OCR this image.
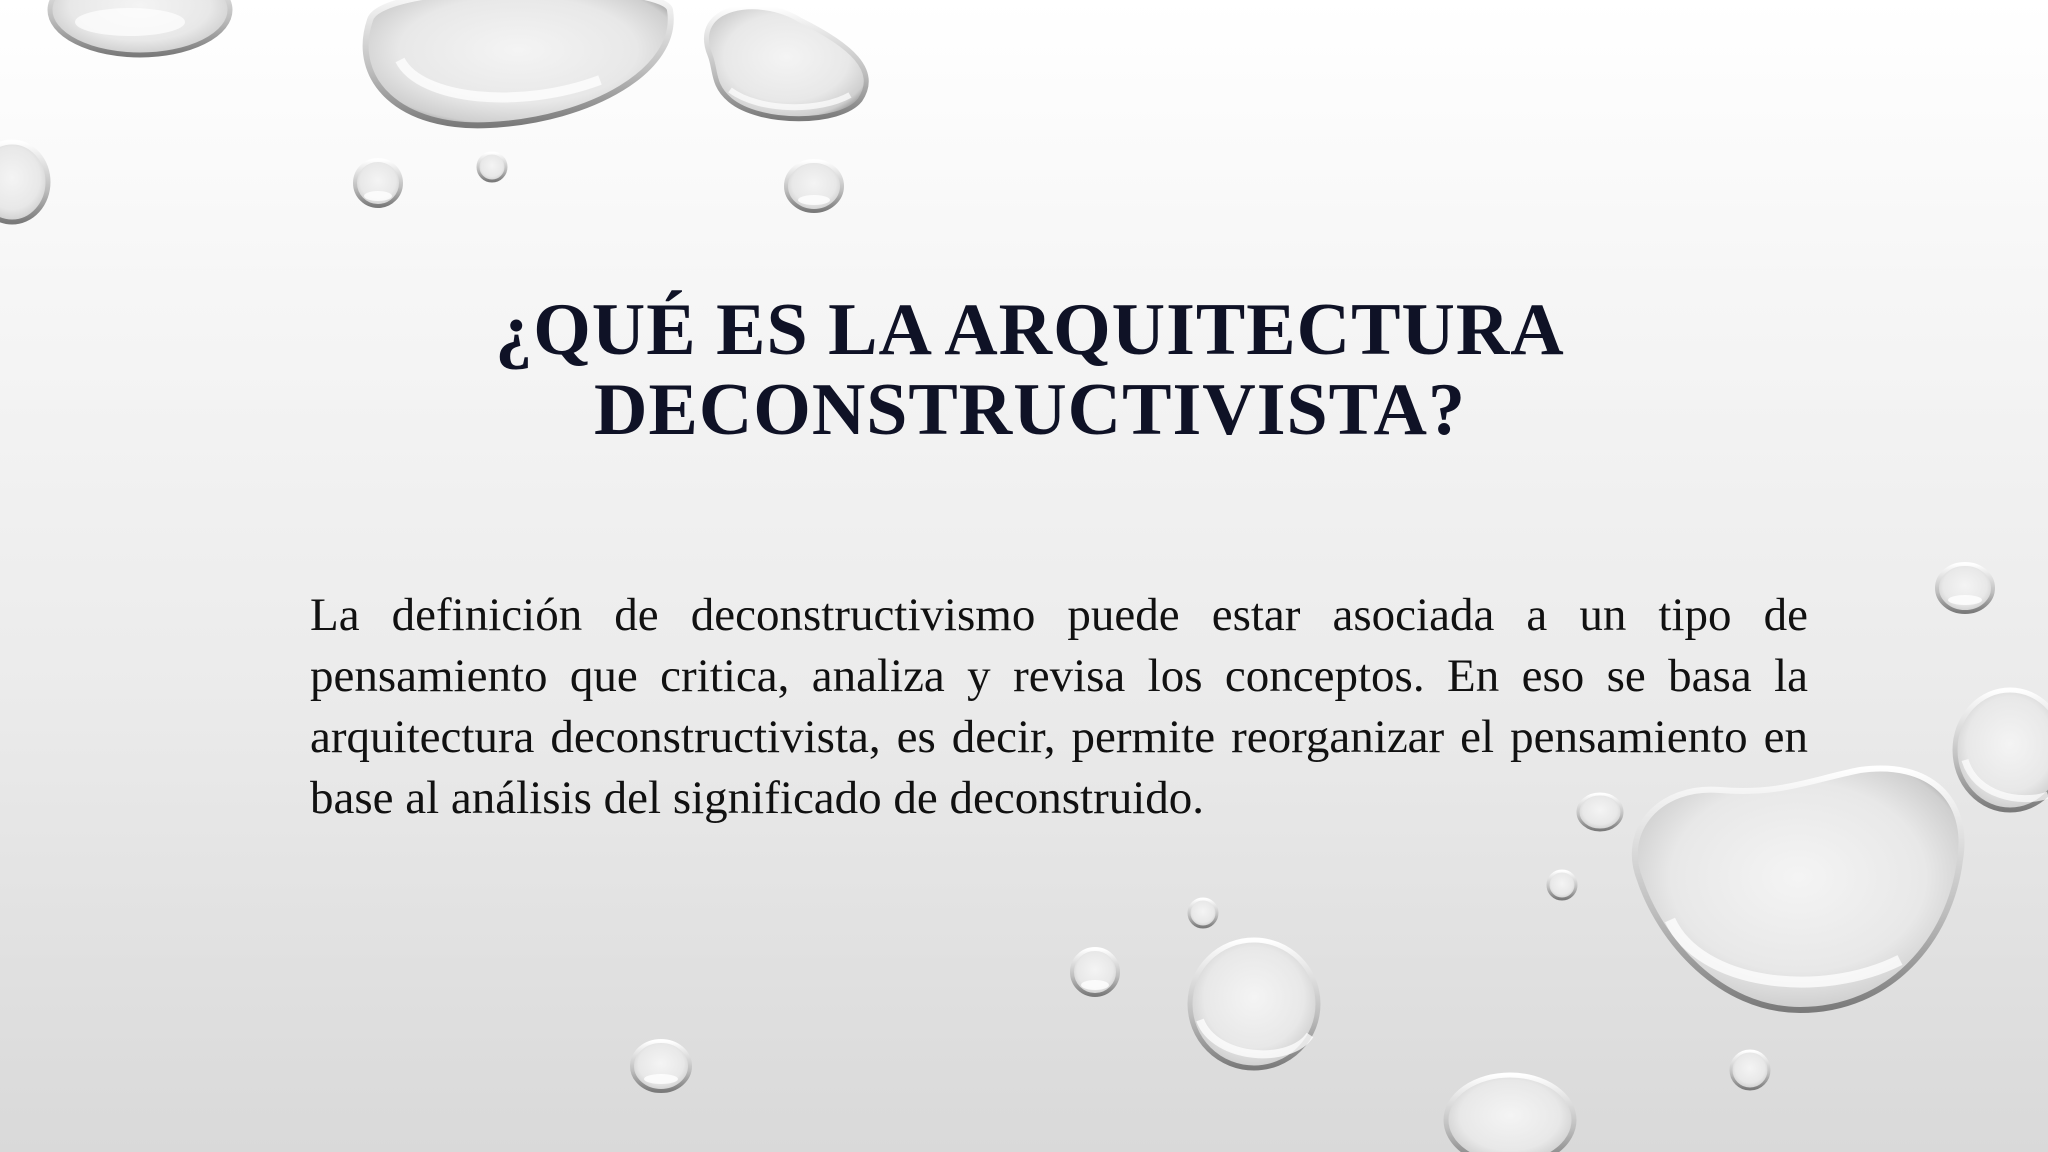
¿QUÉ ES LA ARQUITECTURA
DECONSTRUCTIVISTA?

La definición de deconstructivismo puede estar asociada a un tipo de pensamiento que critica, analiza y revisa los conceptos. En eso se basa la arquitectura deconstructivista, es decir, permite reorganizar el pensamiento en base al análisis del significado de deconstruido.
